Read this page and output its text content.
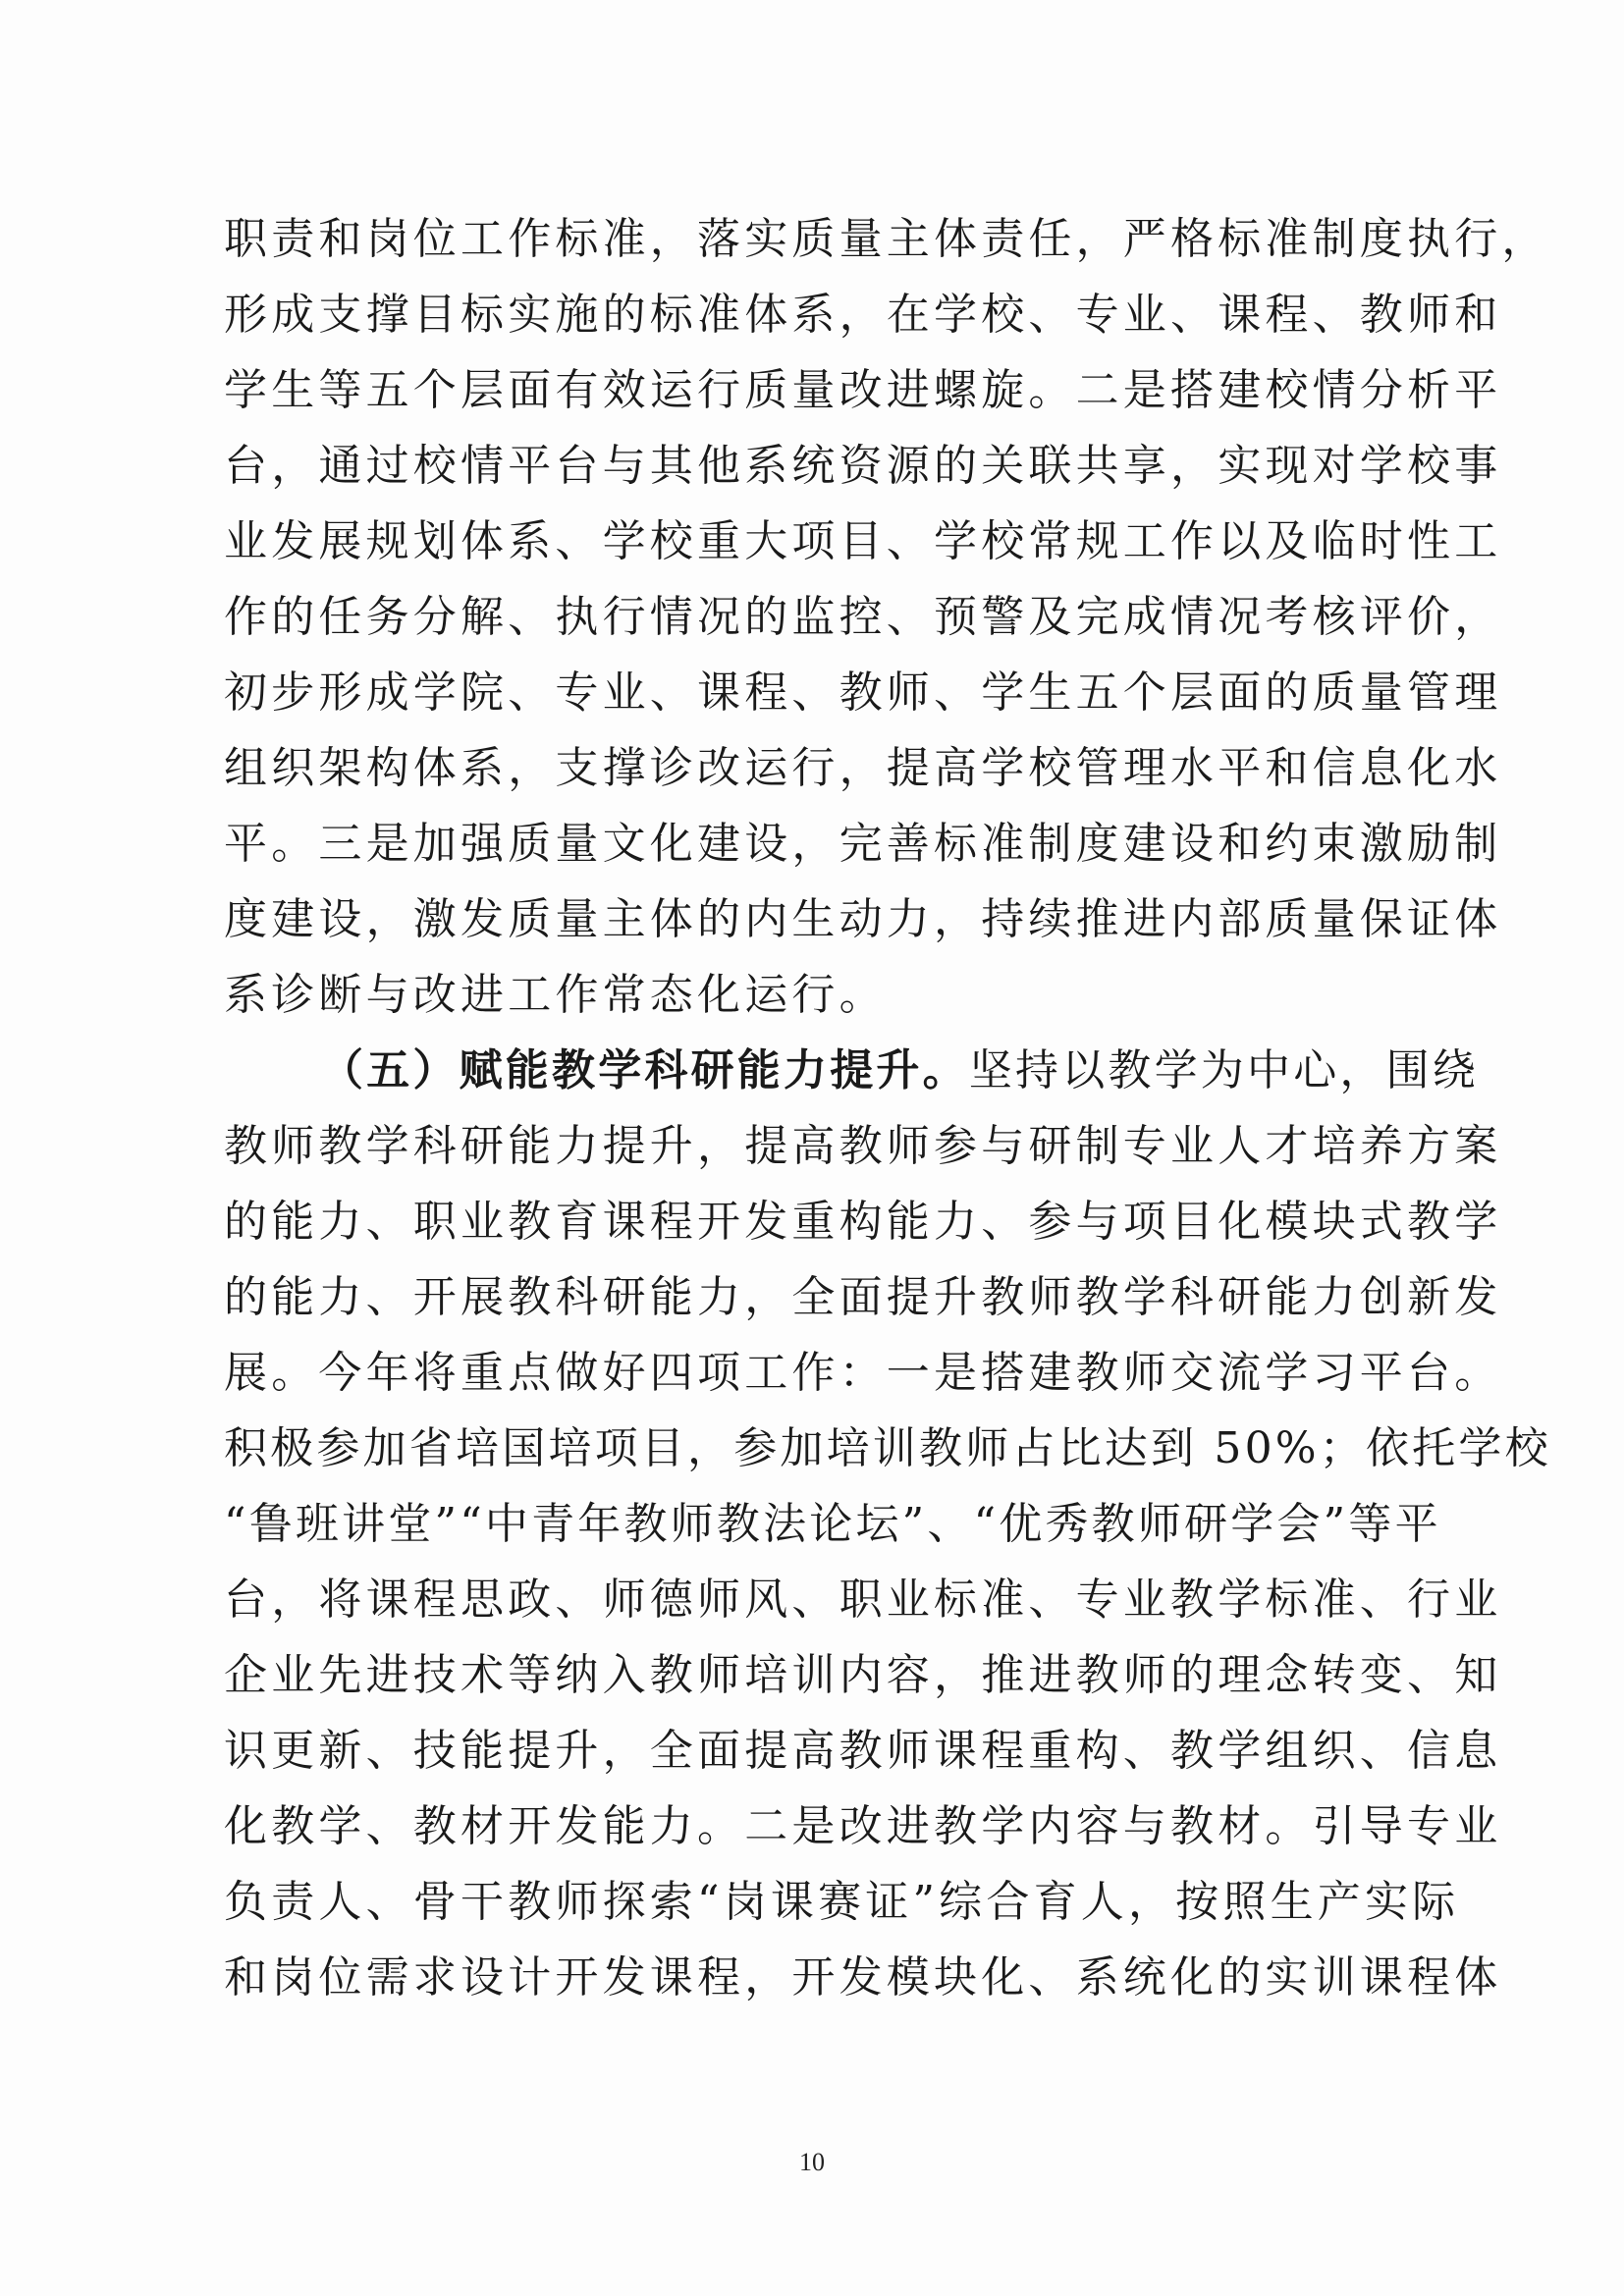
职责和岗位工作标准，落实质量主体责任，严格标准制度执行，
形成支撑目标实施的标准体系，在学校、专业、课程、教师和
学生等五个层面有效运行质量改进螺旋。二是搭建校情分析平
台，通过校情平台与其他系统资源的关联共享，实现对学校事
业发展规划体系、学校重大项目、学校常规工作以及临时性工
作的任务分解、执行情况的监控、预警及完成情况考核评价，
初步形成学院、专业、课程、教师、学生五个层面的质量管理
组织架构体系，支撑诊改运行，提高学校管理水平和信息化水
平。三是加强质量文化建设，完善标准制度建设和约束激励制
度建设，激发质量主体的内生动力，持续推进内部质量保证体
系诊断与改进工作常态化运行。
（五）赋能教学科研能力提升。坚持以教学为中心，围绕
教师教学科研能力提升，提高教师参与研制专业人才培养方案
的能力、职业教育课程开发重构能力、参与项目化模块式教学
的能力、开展教科研能力，全面提升教师教学科研能力创新发
展。今年将重点做好四项工作：一是搭建教师交流学习平台。
积极参加省培国培项目，参加培训教师占比达到 50%；依托学校
“鲁班讲堂”“中青年教师教法论坛”、“优秀教师研学会”等平
台，将课程思政、师德师风、职业标准、专业教学标准、行业
企业先进技术等纳入教师培训内容，推进教师的理念转变、知
识更新、技能提升，全面提高教师课程重构、教学组织、信息
化教学、教材开发能力。二是改进教学内容与教材。引导专业
负责人、骨干教师探索“岗课赛证”综合育人，按照生产实际
和岗位需求设计开发课程，开发模块化、系统化的实训课程体
10
